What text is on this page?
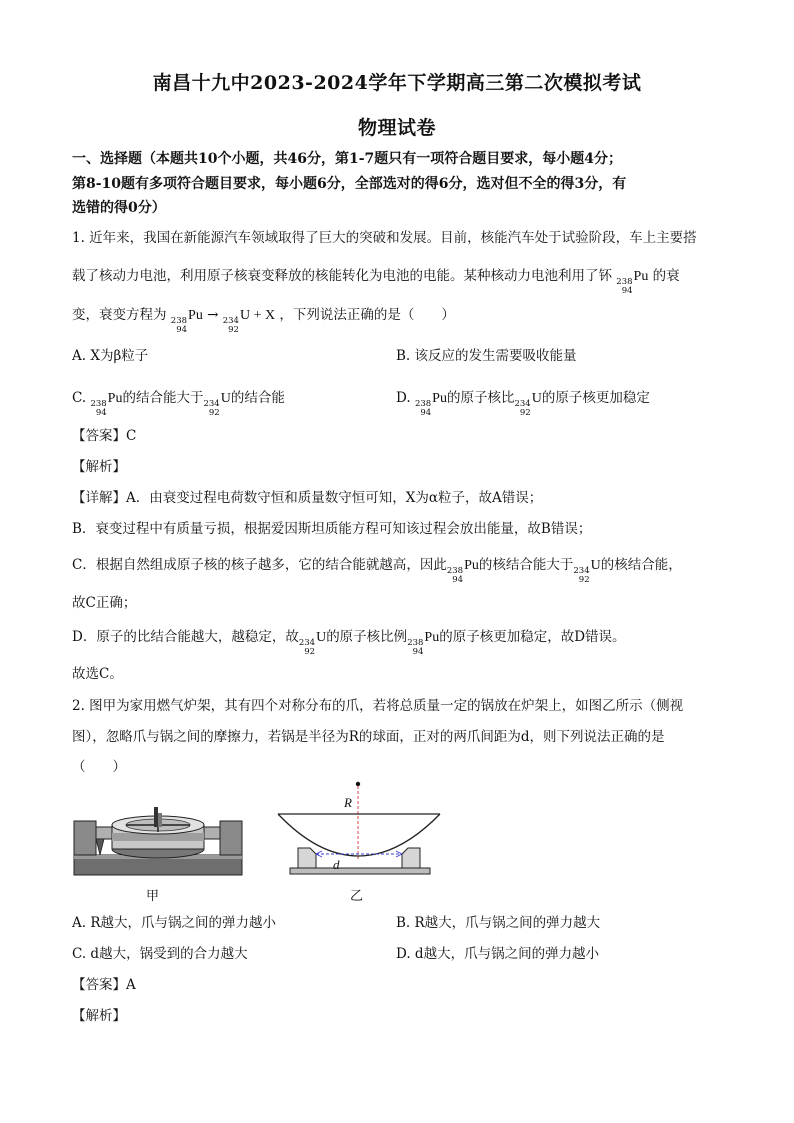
南昌十九中2023-2024学年下学期高三第二次模拟考试
物理试卷
一、选择题（本题共10个小题，共46分，第1-7题只有一项符合题目要求，每小题4分；
第8-10题有多项符合题目要求，每小题6分，全部选对的得6分，选对但不全的得3分，有
选错的得0分）
1. 近年来，我国在新能源汽车领域取得了巨大的突破和发展。目前，核能汽车处于试验阶段，车上主要搭
载了核动力电池，利用原子核衰变释放的核能转化为电池的电能。某种核动力电池利用了钚 238
94
Pu 的衰
变，衰变方程为 238
94
Pu → 234
92
U + X ，下列说法正确的是（　　）
A. X为β粒子	B. 该反应的发生需要吸收能量
C. 238
94
Pu的结合能大于 234
92
U的结合能	D. 238
94
Pu的原子核比 234
92
U的原子核更加稳定
【答案】C
【解析】
【详解】A．由衰变过程电荷数守恒和质量数守恒可知，X为α粒子，故A错误；
B．衰变过程中有质量亏损，根据爱因斯坦质能方程可知该过程会放出能量，故B错误；
C．根据自然组成原子核的核子越多，它的结合能就越高，因此 238
94
Pu的核结合能大于 234
92
U的核结合能，
故C正确；
D．原子的比结合能越大，越稳定，故 234
92
U的原子核比例 238
94
Pu的原子核更加稳定，故D错误。
故选C。
2. 图甲为家用燃气炉架，其有四个对称分布的爪，若将总质量一定的锅放在炉架上，如图乙所示（侧视
图），忽略爪与锅之间的摩擦力，若锅是半径为R的球面，正对的两爪间距为d，则下列说法正确的是
（　　）
甲
R
d
乙
A. R越大，爪与锅之间的弹力越小	B. R越大，爪与锅之间的弹力越大
C. d越大，锅受到的合力越大	D. d越大，爪与锅之间的弹力越小
【答案】A
【解析】
